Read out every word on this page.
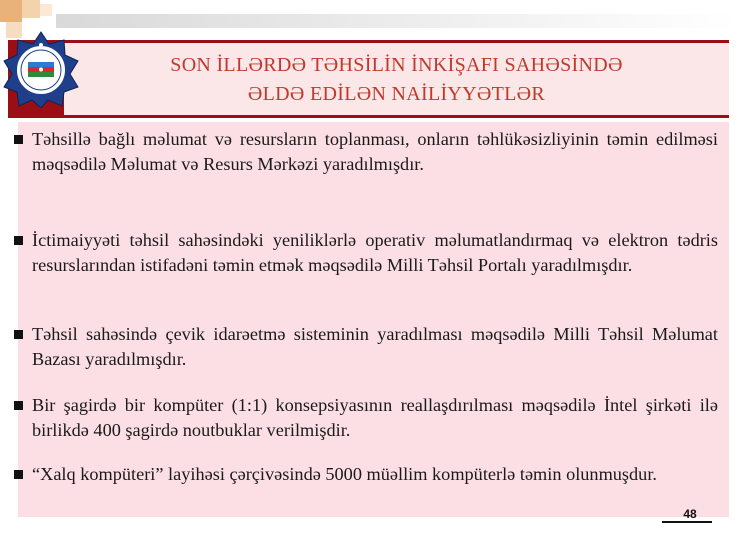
SON İLLƏRDƏ TƏHSİLİN İNKİŞAFI SAHƏSİNDƏ
ƏLDƏ EDİLƏN NAİLİYYƏTLƏR
Təhsillə bağlı məlumat və resursların toplanması, onların təhlükəsizliyinin təmin edilməsi məqsədilə Məlumat və Resurs Mərkəzi yaradılmışdır.
İctimaiyyəti təhsil sahəsindəki yeniliklərlə operativ məlumatlandırmaq və elektron tədris resurslarından istifadəni təmin etmək məqsədilə Milli Təhsil Portalı yaradılmışdır.
Təhsil sahəsində çevik idarəetmə sisteminin yaradılması məqsədilə Milli Təhsil Məlumat Bazası yaradılmışdır.
Bir şagirdə bir kompüter (1:1) konsepsiyasının reallaşdırılması məqsədilə İntel şirkəti ilə birlikdə 400 şagirdə noutbuklar verilmişdir.
“Xalq kompüteri” layihəsi çərçivəsində 5000 müəllim kompüterlə təmin olunmuşdur.
48
